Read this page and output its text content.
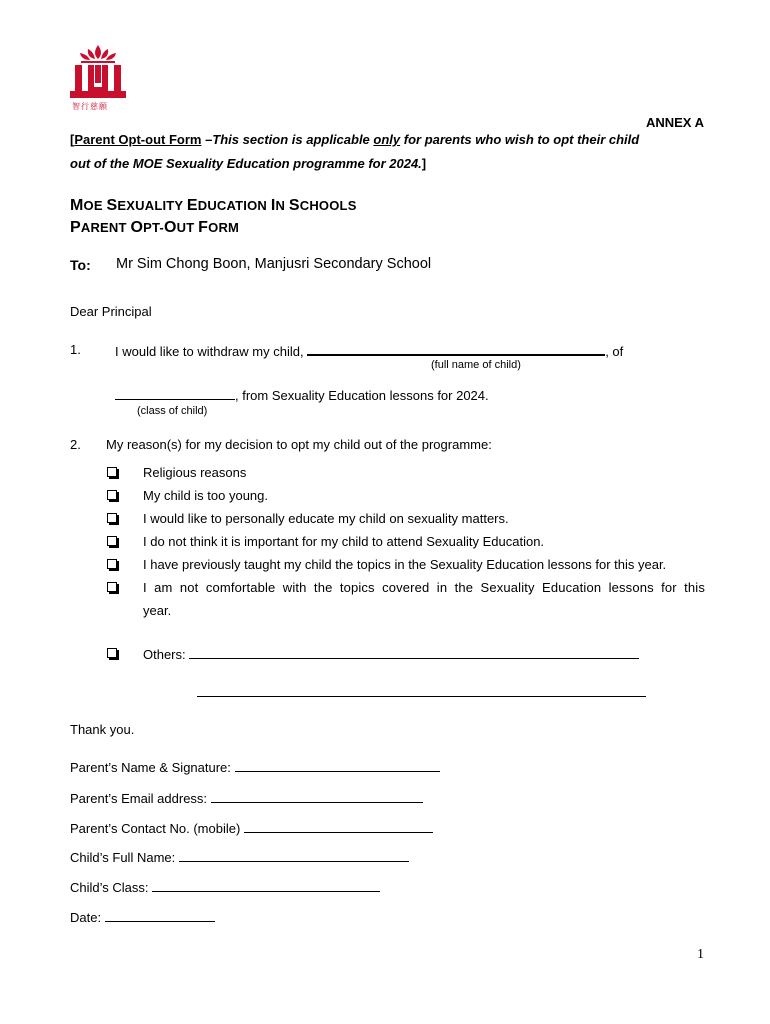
智行慈願
ANNEX A
[Parent Opt-out Form –This section is applicable only for parents who wish to opt their child
out of the MOE Sexuality Education programme for 2024.]
MOE SEXUALITY EDUCATION IN SCHOOLS
PARENT OPT-OUT FORM
To: Mr Sim Chong Boon, Manjusri Secondary School
Dear Principal
1.	I would like to withdraw my child,	, of
(full name of child)
, from Sexuality Education lessons for 2024.
(class of child)
2. My reason(s) for my decision to opt my child out of the programme:
Religious reasons
My child is too young.
I would like to personally educate my child on sexuality matters.
I do not think it is important for my child to attend Sexuality Education.
I have previously taught my child the topics in the Sexuality Education lessons for this year.
I am not comfortable with the topics covered in the Sexuality Education lessons for this
year.
Others:
Thank you.
Parent’s Name & Signature:
Parent’s Email address:
Parent’s Contact No. (mobile)
Child’s Full Name:
Child’s Class:
Date:
1
